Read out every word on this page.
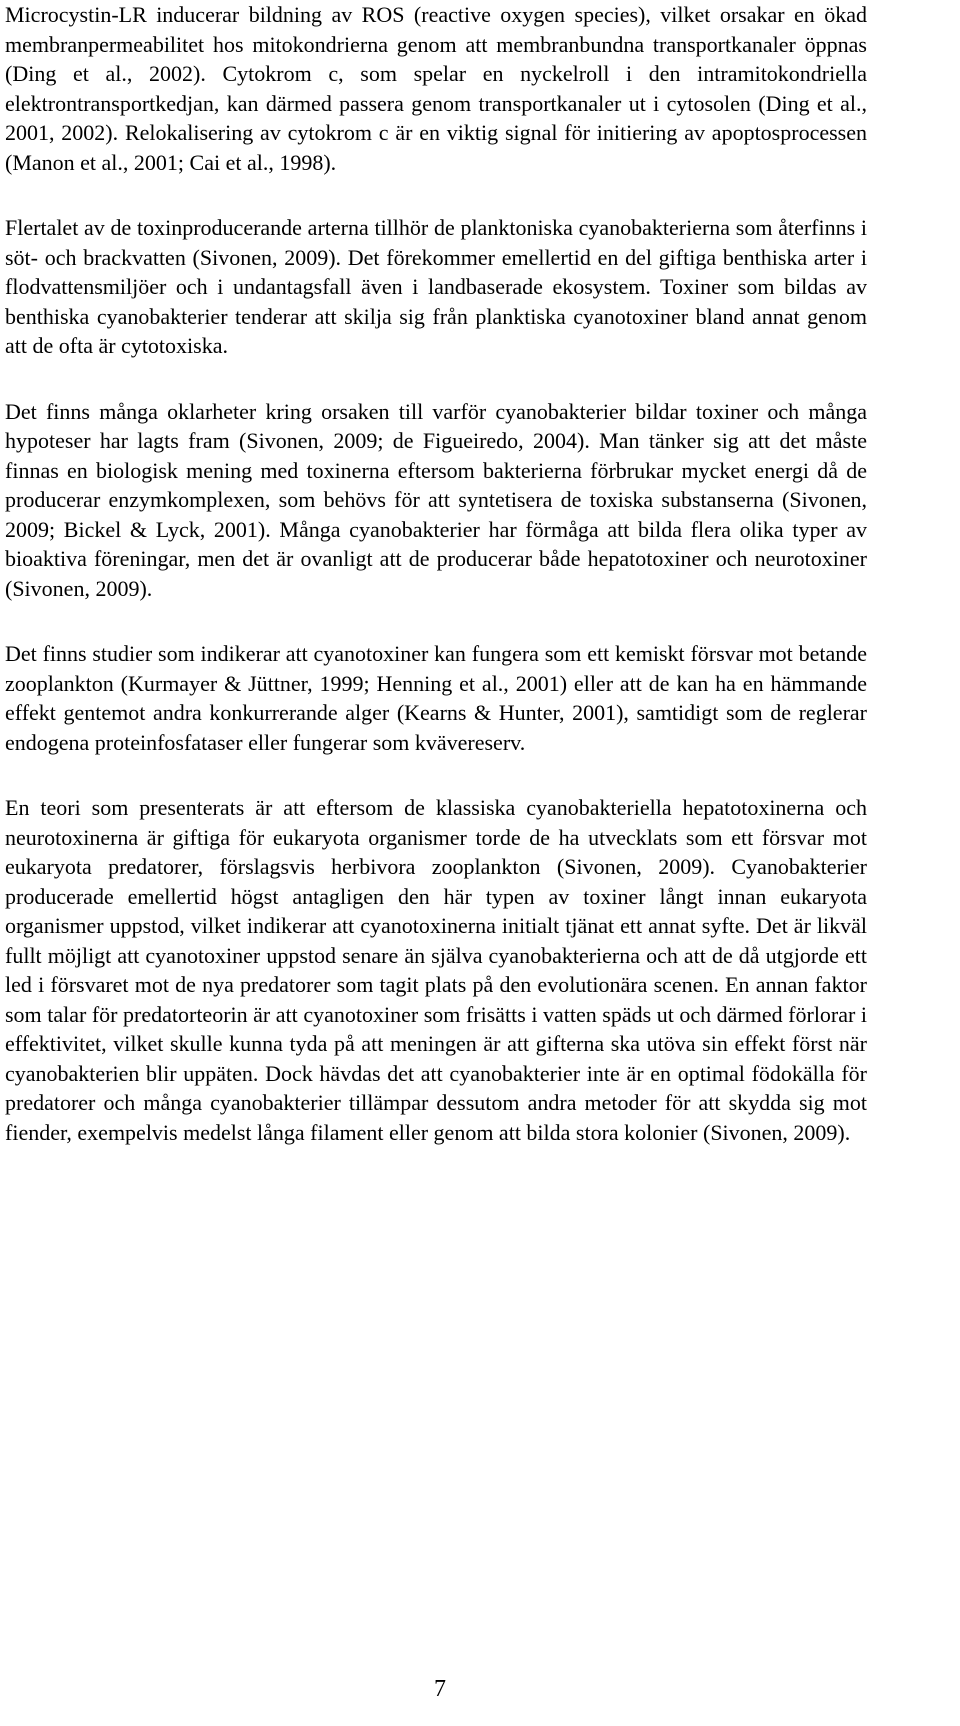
Microcystin-LR inducerar bildning av ROS (reactive oxygen species), vilket orsakar en ökad membranpermeabilitet hos mitokondrierna genom att membranbundna transportkanaler öppnas (Ding et al., 2002). Cytokrom c, som spelar en nyckelroll i den intramitokondriella elektrontransportkedjan, kan därmed passera genom transportkanaler ut i cytosolen (Ding et al., 2001, 2002). Relokalisering av cytokrom c är en viktig signal för initiering av apoptosprocessen (Manon et al., 2001; Cai et al., 1998).

Flertalet av de toxinproducerande arterna tillhör de planktoniska cyanobakterierna som återfinns i söt- och brackvatten (Sivonen, 2009). Det förekommer emellertid en del giftiga benthiska arter i flodvattensmiljöer och i undantagsfall även i landbaserade ekosystem. Toxiner som bildas av benthiska cyanobakterier tenderar att skilja sig från planktiska cyanotoxiner bland annat genom att de ofta är cytotoxiska.

Det finns många oklarheter kring orsaken till varför cyanobakterier bildar toxiner och många hypoteser har lagts fram (Sivonen, 2009; de Figueiredo, 2004). Man tänker sig att det måste finnas en biologisk mening med toxinerna eftersom bakterierna förbrukar mycket energi då de producerar enzymkomplexen, som behövs för att syntetisera de toxiska substanserna (Sivonen, 2009; Bickel & Lyck, 2001). Många cyanobakterier har förmåga att bilda flera olika typer av bioaktiva föreningar, men det är ovanligt att de producerar både hepatotoxiner och neurotoxiner (Sivonen, 2009).

Det finns studier som indikerar att cyanotoxiner kan fungera som ett kemiskt försvar mot betande zooplankton (Kurmayer & Jüttner, 1999; Henning et al., 2001) eller att de kan ha en hämmande effekt gentemot andra konkurrerande alger (Kearns & Hunter, 2001), samtidigt som de reglerar endogena proteinfosfataser eller fungerar som kvävereserv.

En teori som presenterats är att eftersom de klassiska cyanobakteriella hepatotoxinerna och neurotoxinerna är giftiga för eukaryota organismer torde de ha utvecklats som ett försvar mot eukaryota predatorer, förslagsvis herbivora zooplankton (Sivonen, 2009). Cyanobakterier producerade emellertid högst antagligen den här typen av toxiner långt innan eukaryota organismer uppstod, vilket indikerar att cyanotoxinerna initialt tjänat ett annat syfte. Det är likväl fullt möjligt att cyanotoxiner uppstod senare än själva cyanobakterierna och att de då utgjorde ett led i försvaret mot de nya predatorer som tagit plats på den evolutionära scenen. En annan faktor som talar för predatorteorin är att cyanotoxiner som frisätts i vatten späds ut och därmed förlorar i effektivitet, vilket skulle kunna tyda på att meningen är att gifterna ska utöva sin effekt först när cyanobakterien blir uppäten. Dock hävdas det att cyanobakterier inte är en optimal födokälla för predatorer och många cyanobakterier tillämpar dessutom andra metoder för att skydda sig mot fiender, exempelvis medelst långa filament eller genom att bilda stora kolonier (Sivonen, 2009).

7
